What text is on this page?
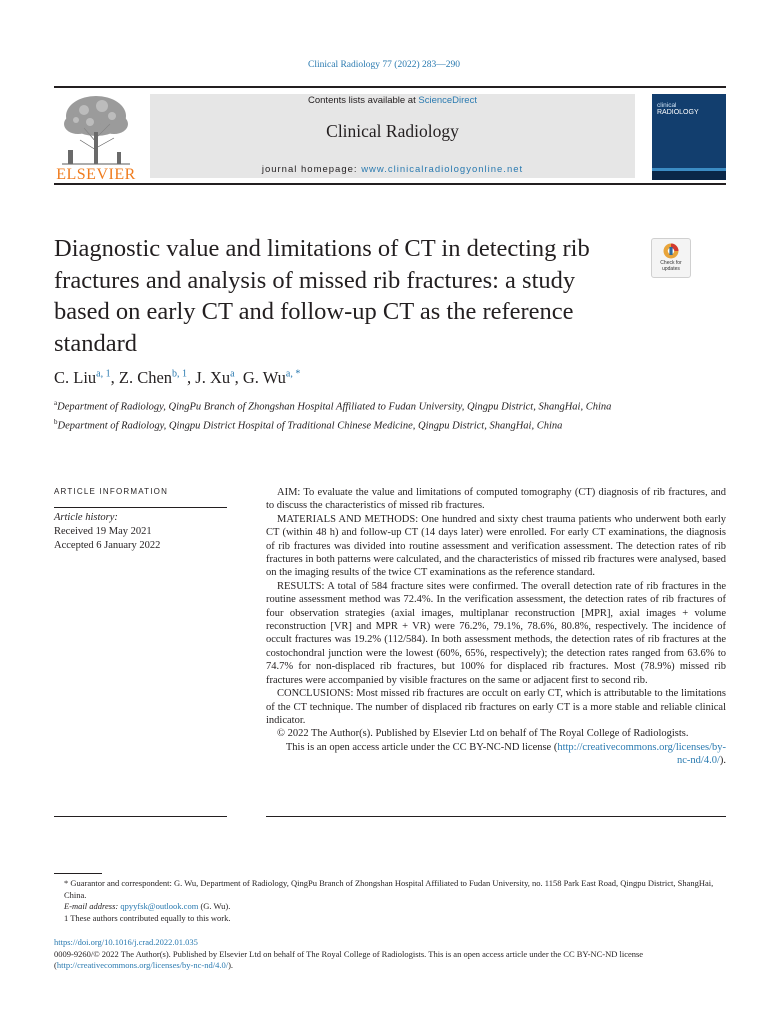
Clinical Radiology 77 (2022) 283—290
ELSEVIER
Contents lists available at ScienceDirect
Clinical Radiology
journal homepage: www.clinicalradiologyonline.net
clinical
RADIOLOGY
Diagnostic value and limitations of CT in detecting rib fractures and analysis of missed rib fractures: a study based on early CT and follow-up CT as the reference standard
Check for
updates
C. Liu$^{a, 1}$, Z. Chen$^{b, 1}$, J. Xu$^a$, G. $Wu^{a, *}$

$^a$Department of Radiology, QingPu Branch of Zhongshan Hospital Affiliated to Fudan University, Qingpu District, ShangHai, China

$^b$Department of Radiology, Qingpu District Hospital of Traditional Chinese Medicine, Qingpu District, ShangHai, China

ARTICLE INFORMATION
Article history:
Received 19 May 2021
Accepted 6 January 2022

AIM: To evaluate the value and limitations of computed tomography (CT) diagnosis of rib fractures, and to discuss the characteristics of missed rib fractures.

MATERIALS AND METHODS: One hundred and sixty chest trauma patients who underwent both early CT (within 48 h) and follow-up CT (14 days later) were enrolled. For early CT examinations, the diagnosis of rib fractures was divided into routine assessment and verification assessment. The detection rates of rib fractures in both patterns were calculated, and the characteristics of missed rib fractures were analysed, based on the imaging results of the twice CT examinations as the reference standard.

RESULTS: A total of 584 fracture sites were confirmed. The overall detection rate of rib fractures in the routine assessment method was 72.4%. In the verification assessment, the detection rates of rib fractures of four observation strategies (axial images, multiplanar reconstruction [MPR], axial images + volume reconstruction [VR] and MPR + VR) were 76.2%, 79.1%, 78.6%, 80.8%, respectively. The incidence of occult fractures was 19.2% (112/584). In both assessment methods, the detection rates of rib fractures at the costochondral junction were the lowest (60%, 65%, respectively); the detection rates ranged from 63.6% to 74.7% for non-displaced rib fractures, but 100% for displaced rib fractures. Most (78.9%) missed rib fractures were accompanied by visible fractures on the same or adjacent first to second rib.

CONCLUSIONS: Most missed rib fractures are occult on early CT, which is attributable to the limitations of the CT technique. The number of displaced rib fractures on early CT is a more stable and reliable clinical indicator.

© 2022 The Author(s). Published by Elsevier Ltd on behalf of The Royal College of Radiologists.

This is an open access article under the CC BY-NC-ND license (http://creativecommons.org/licenses/by-nc-nd/4.0/).

* Guarantor and correspondent: G. Wu, Department of Radiology, QingPu Branch of Zhongshan Hospital Affiliated to Fudan University, no. 1158 Park East Road, Qingpu District, ShangHai, China.

E-mail address: qpyyfsk@outlook.com (G. Wu).

1 These authors contributed equally to this work.

https://doi.org/10.1016/j.crad.2022.01.035

0009-9260/© 2022 The Author(s). Published by Elsevier Ltd on behalf of The Royal College of Radiologists. This is an open access article under the CC BY-NC-ND license

(http://creativecommons.org/licenses/by-nc-nd/4.0/).
